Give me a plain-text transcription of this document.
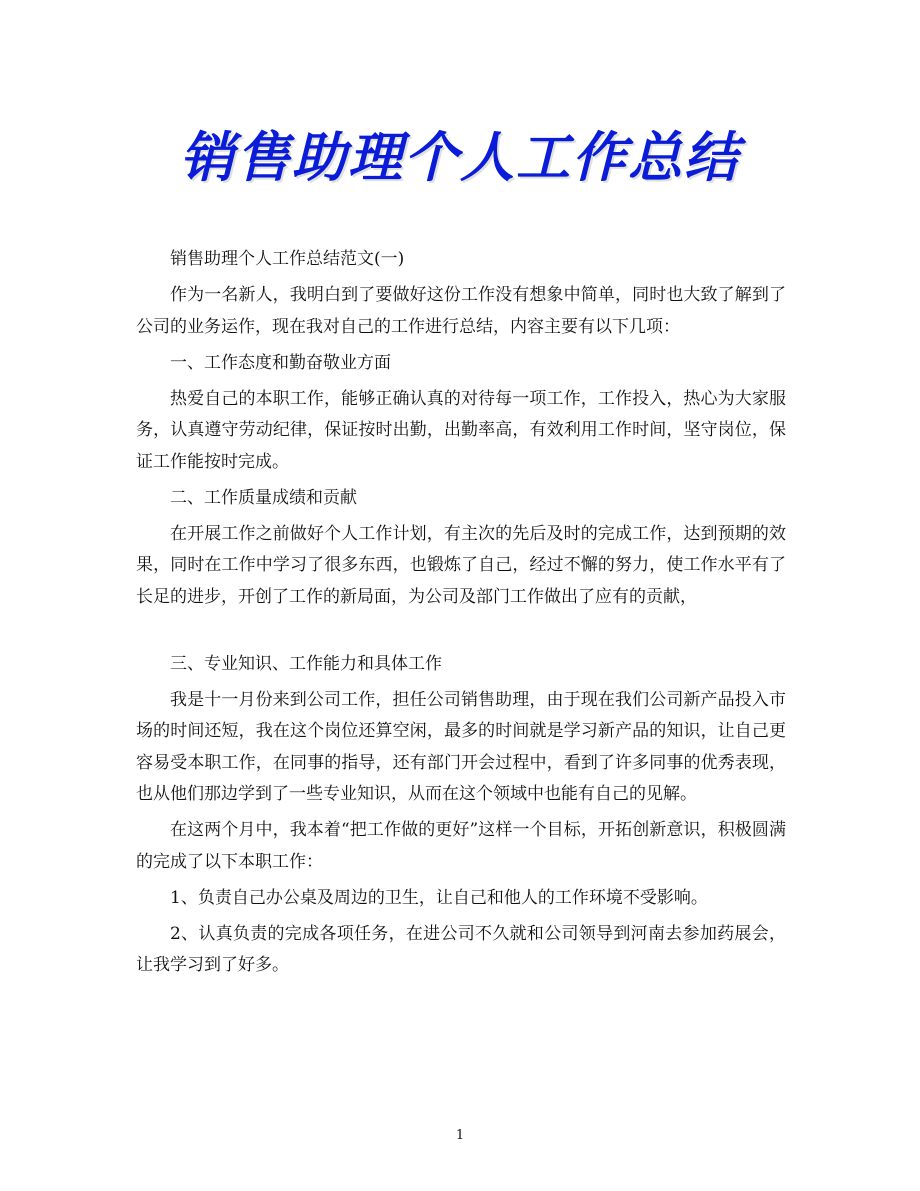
销售助理个人工作总结

销售助理个人工作总结范文(一)

作为一名新人，我明白到了要做好这份工作没有想象中简单，同时也大致了解到了公司的业务运作，现在我对自己的工作进行总结，内容主要有以下几项：

一、工作态度和勤奋敬业方面

热爱自己的本职工作，能够正确认真的对待每一项工作，工作投入，热心为大家服务，认真遵守劳动纪律，保证按时出勤，出勤率高，有效利用工作时间，坚守岗位，保证工作能按时完成。

二、工作质量成绩和贡献

在开展工作之前做好个人工作计划，有主次的先后及时的完成工作，达到预期的效果，同时在工作中学习了很多东西，也锻炼了自己，经过不懈的努力，使工作水平有了长足的进步，开创了工作的新局面，为公司及部门工作做出了应有的贡献，

三、专业知识、工作能力和具体工作

我是十一月份来到公司工作，担任公司销售助理，由于现在我们公司新产品投入市场的时间还短，我在这个岗位还算空闲，最多的时间就是学习新产品的知识，让自己更容易受本职工作，在同事的指导，还有部门开会过程中，看到了许多同事的优秀表现，也从他们那边学到了一些专业知识，从而在这个领域中也能有自己的见解。

在这两个月中，我本着“把工作做的更好”这样一个目标，开拓创新意识，积极圆满的完成了以下本职工作：

1、负责自己办公桌及周边的卫生，让自己和他人的工作环境不受影响。

2、认真负责的完成各项任务，在进公司不久就和公司领导到河南去参加药展会，让我学习到了好多。

1
